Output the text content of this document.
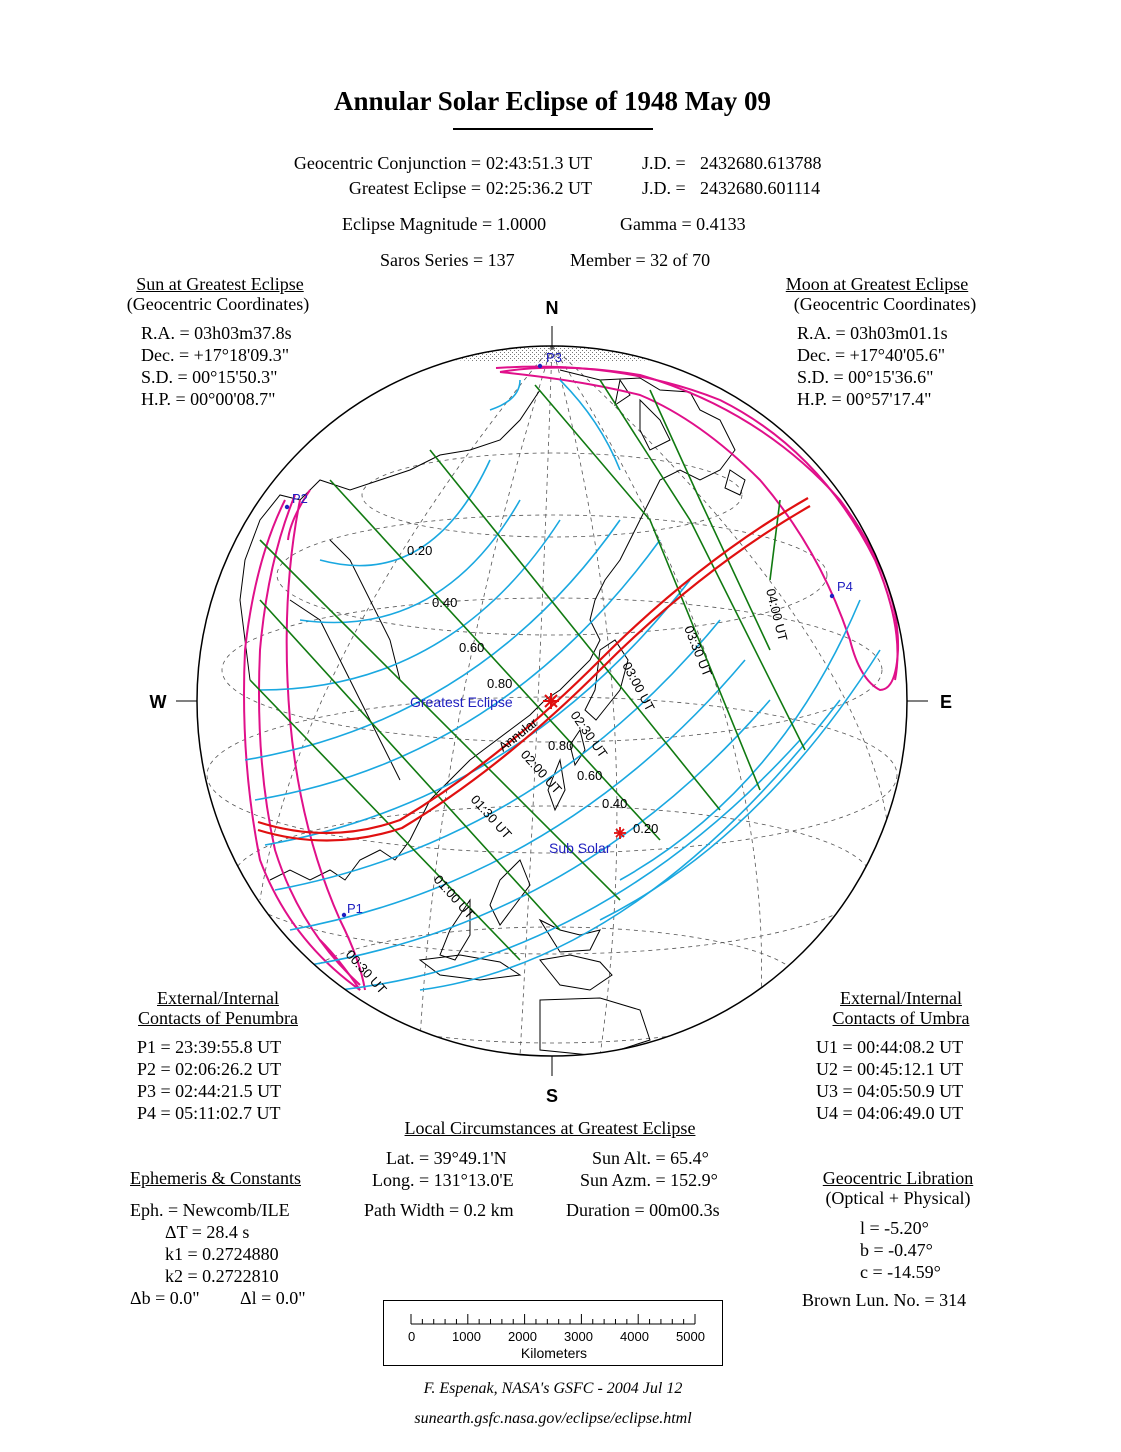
Annular Solar Eclipse of 1948 May 09
Geocentric Conjunction = 02:43:51.3 UT	J.D. = 2432680.613788
Greatest Eclipse = 02:25:36.2 UT	J.D. = 2432680.601114
Eclipse Magnitude = 1.0000	Gamma = 0.4133
Saros Series = 137	Member = 32 of 70
Sun at Greatest Eclipse
(Geocentric Coordinates)
R.A. = 03h03m37.8s
Dec. = +17°18'09.3"
S.D. = 00°15'50.3"
H.P. = 00°00'08.7"
Moon at Greatest Eclipse
(Geocentric Coordinates)
R.A. = 03h03m01.1s
Dec. = +17°40'05.6"
S.D. = 00°15'36.6"
H.P. = 00°57'17.4"
N
S
W	E
P3
P2
P4
P1
Greatest Eclipse
Sub Solar
0.20
0.40
0.60
0.80
0.80
0.60
0.40
0.20
Annular
00:30 UT
01:00 UT
01:30 UT
02:00 UT
02:30 UT
03:00 UT
03:30 UT
04:00 UT
External/Internal
Contacts of Penumbra
P1 = 23:39:55.8 UT
P2 = 02:06:26.2 UT
P3 = 02:44:21.5 UT
P4 = 05:11:02.7 UT
External/Internal
Contacts of Umbra
U1 = 00:44:08.2 UT
U2 = 00:45:12.1 UT
U3 = 04:05:50.9 UT
U4 = 04:06:49.0 UT
Local Circumstances at Greatest Eclipse
Lat. = 39°49.1'N
Long. = 131°13.0'E
Sun Alt. = 65.4°
Sun Azm. = 152.9°
Path Width = 0.2 km	Duration = 00m00.3s
Ephemeris & Constants
Eph. = Newcomb/ILE
ΔT = 28.4 s
k1 = 0.2724880
k2 = 0.2722810
Δb = 0.0" Δl = 0.0"
Geocentric Libration
(Optical + Physical)
l = -5.20°
b = -0.47°
c = -14.59°
Brown Lun. No. = 314
0	1000 2000 3000 4000 5000
Kilometers
F. Espenak, NASA's GSFC - 2004 Jul 12
sunearth.gsfc.nasa.gov/eclipse/eclipse.html
